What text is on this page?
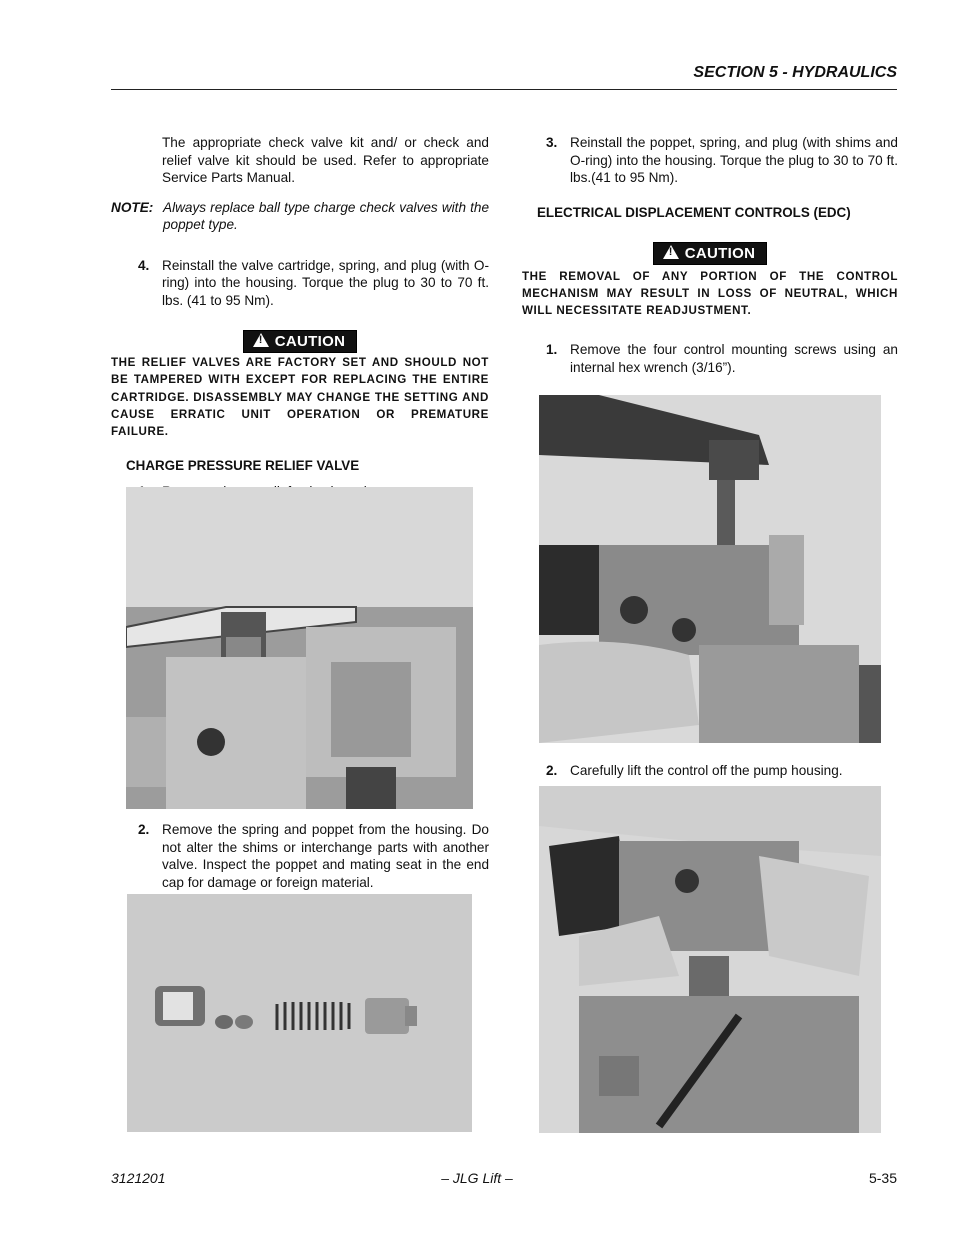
SECTION 5 - HYDRAULICS
The appropriate check valve kit and/ or check and relief valve kit should be used. Refer to appropriate Service Parts Manual.
NOTE: Always replace ball type charge check valves with the poppet type.
4. Reinstall the valve cartridge, spring, and plug (with O-ring) into the housing. Torque the plug to 30 to 70 ft. lbs. (41 to 95 Nm).
!CAUTION
THE RELIEF VALVES ARE FACTORY SET AND SHOULD NOT BE TAMPERED WITH EXCEPT FOR REPLACING THE ENTIRE CARTRIDGE. DISASSEMBLY MAY CHANGE THE SETTING AND CAUSE ERRATIC UNIT OPERATION OR PREMATURE FAILURE.
CHARGE PRESSURE RELIEF VALVE
2. Remove the spring and poppet from the housing. Do not alter the shims or interchange parts with another valve. Inspect the poppet and mating seat in the end cap for damage or foreign material.
3. Reinstall the poppet, spring, and plug (with shims and O-ring) into the housing. Torque the plug to 30 to 70 ft. lbs.(41 to 95 Nm).
ELECTRICAL DISPLACEMENT CONTROLS (EDC)
!CAUTION
THE REMOVAL OF ANY PORTION OF THE CONTROL MECHANISM MAY RESULT IN LOSS OF NEUTRAL, WHICH WILL NECESSITATE READJUSTMENT.
1. Remove the four control mounting screws using an internal hex wrench (3/16”).
2. Carefully lift the control off the pump housing.
3121201	– JLG Lift –	5-35
